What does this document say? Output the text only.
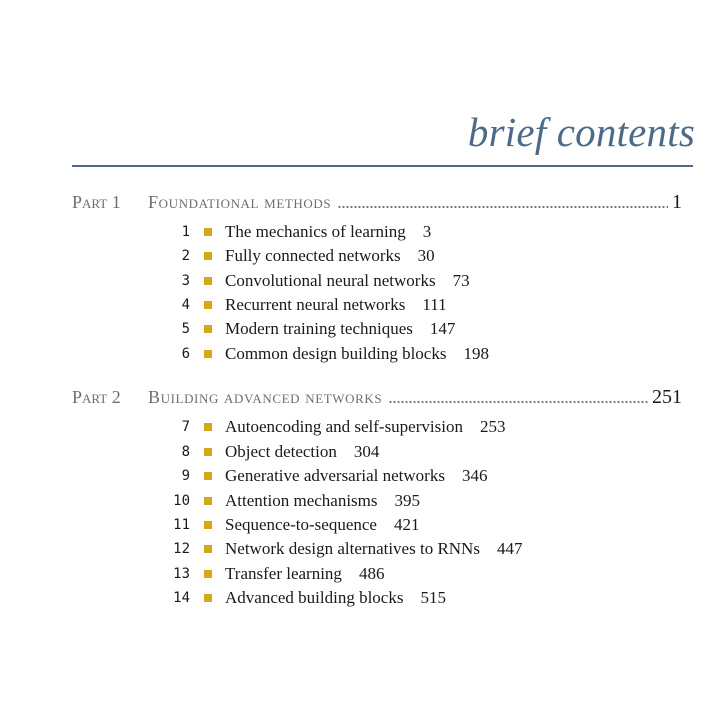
brief contents
Part 1	Foundational methods . . .	1
1 The mechanics of learning 3
2 Fully connected networks 30
3 Convolutional neural networks 73
4 Recurrent neural networks 111
5 Modern training techniques 147
6 Common design building blocks 198
Part 2	Building advanced networks . . .	251
7 Autoencoding and self-supervision 253
8 Object detection 304
9 Generative adversarial networks 346
10 Attention mechanisms 395
11 Sequence-to-sequence 421
12 Network design alternatives to RNNs 447
13 Transfer learning 486
14 Advanced building blocks 515
